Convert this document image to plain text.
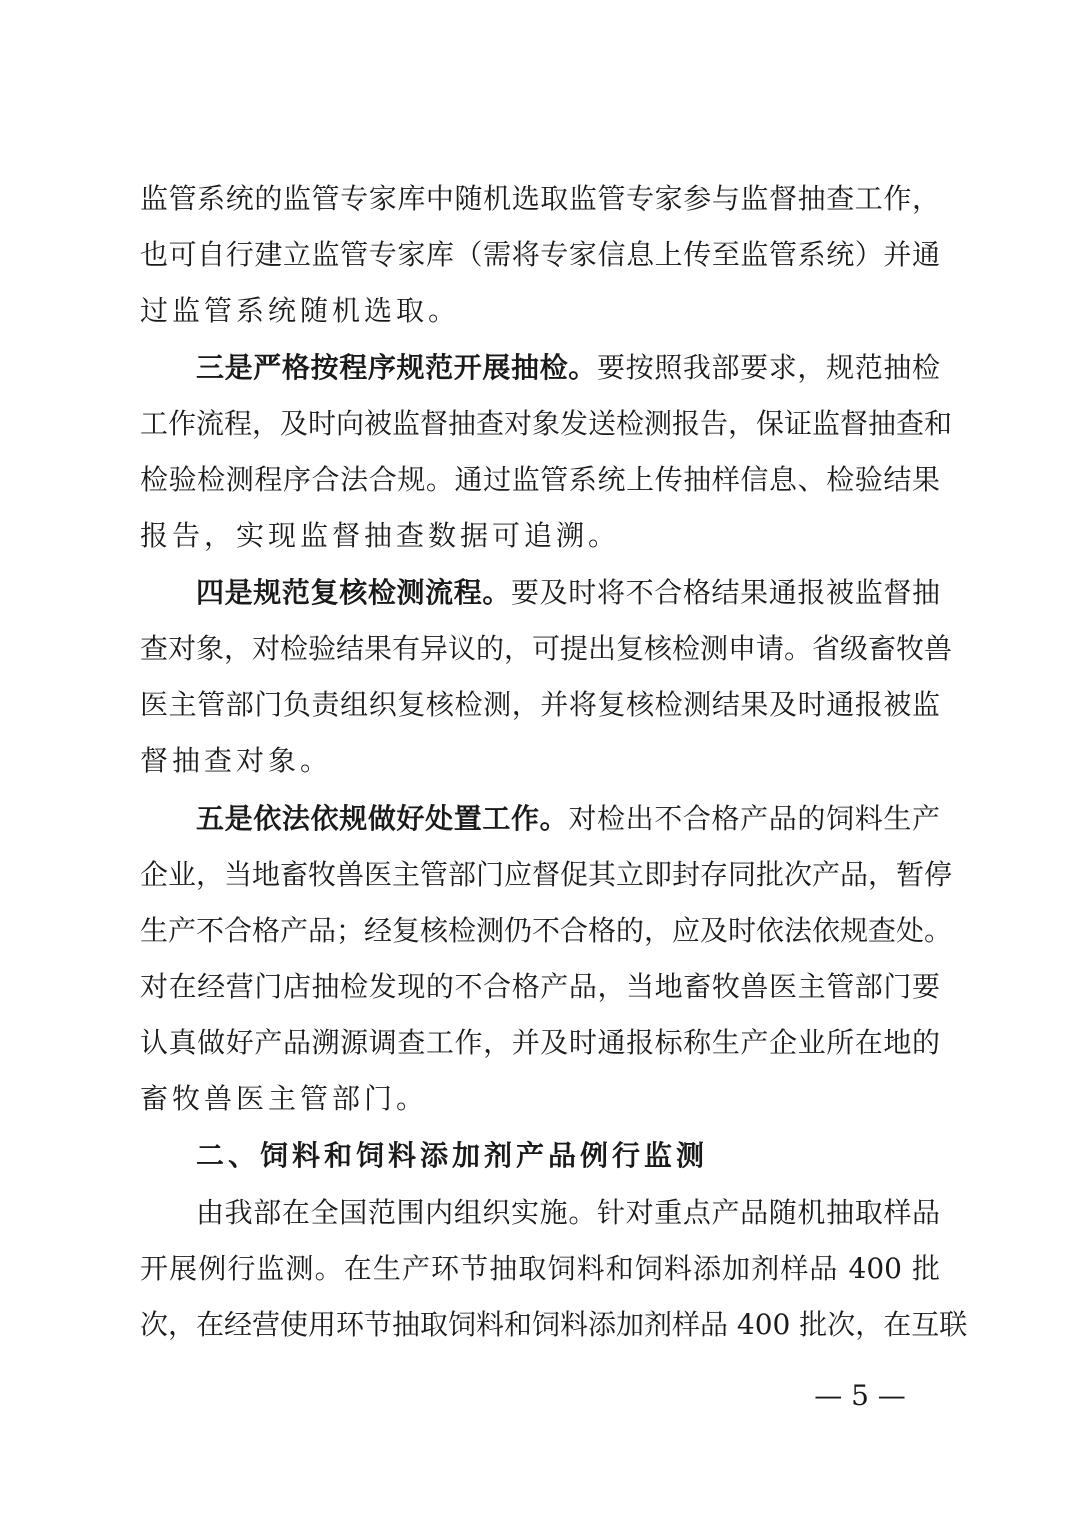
监管系统的监管专家库中随机选取监管专家参与监督抽查工作，
也可自行建立监管专家库（需将专家信息上传至监管系统）并通
过监管系统随机选取。
三是严格按程序规范开展抽检。要按照我部要求，规范抽检
工作流程，及时向被监督抽查对象发送检测报告，保证监督抽查和
检验检测程序合法合规。通过监管系统上传抽样信息、检验结果
报告，实现监督抽查数据可追溯。
四是规范复核检测流程。要及时将不合格结果通报被监督抽
查对象，对检验结果有异议的，可提出复核检测申请。省级畜牧兽
医主管部门负责组织复核检测，并将复核检测结果及时通报被监
督抽查对象。
五是依法依规做好处置工作。对检出不合格产品的饲料生产
企业，当地畜牧兽医主管部门应督促其立即封存同批次产品，暂停
生产不合格产品；经复核检测仍不合格的，应及时依法依规查处。
对在经营门店抽检发现的不合格产品，当地畜牧兽医主管部门要
认真做好产品溯源调查工作，并及时通报标称生产企业所在地的
畜牧兽医主管部门。
二、饲料和饲料添加剂产品例行监测
由我部在全国范围内组织实施。针对重点产品随机抽取样品
开展例行监测。在生产环节抽取饲料和饲料添加剂样品 400 批
次，在经营使用环节抽取饲料和饲料添加剂样品 400 批次，在互联
— 5 —
